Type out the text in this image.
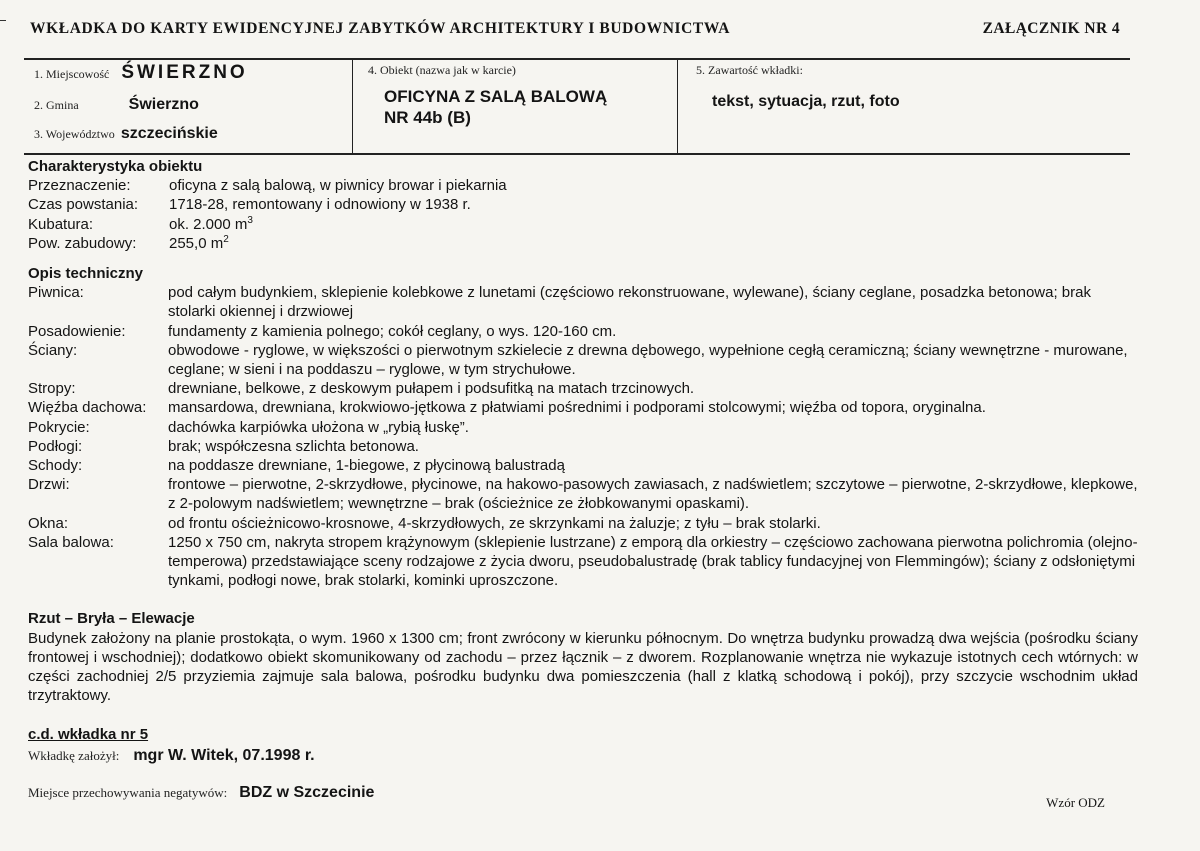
WKŁADKA DO KARTY EWIDENCYJNEJ ZABYTKÓW ARCHITEKTURY I BUDOWNICTWA	ZAŁĄCZNIK NR 4
1. Miejscowość ŚWIERZNO
2. Gmina	Świerzno
3. Województwo szczecińskie
4. Obiekt (nazwa jak w karcie)
OFICYNA Z SALĄ BALOWĄ
NR 44b (B)
5. Zawartość wkładki:
tekst, sytuacja, rzut, foto
Charakterystyka obiektu
Przeznaczenie:	oficyna z salą balową, w piwnicy browar i piekarnia
Czas powstania:	1718-28, remontowany i odnowiony w 1938 r.
Kubatura:	ok. 2.000 $m^3$
Pow. zabudowy:	255,0 $m^2$
Opis techniczny
Piwnica:	pod całym budynkiem, sklepienie kolebkowe z lunetami (częściowo rekonstruowane, wylewane), ściany ceglane, posadzka betonowa; brak stolarki okiennej i drzwiowej
Posadowienie:	fundamenty z kamienia polnego; cokół ceglany, o wys. 120-160 cm.
Ściany:	obwodowe - ryglowe, w większości o pierwotnym szkielecie z drewna dębowego, wypełnione cegłą ceramiczną; ściany wewnętrzne - murowane, ceglane; w sieni i na poddaszu – ryglowe, w tym strychułowe.
Stropy:	drewniane, belkowe, z deskowym pułapem i podsufitką na matach trzcinowych.
Więźba dachowa:	mansardowa, drewniana, krokwiowo-jętkowa z płatwiami pośrednimi i podporami stolcowymi; więźba od topora, oryginalna.
Pokrycie:	dachówka karpiówka ułożona w „rybią łuskę”.
Podłogi:	brak; współczesna szlichta betonowa.
Schody:	na poddasze drewniane, 1-biegowe, z płycinową balustradą
Drzwi:	frontowe – pierwotne, 2-skrzydłowe, płycinowe, na hakowo-pasowych zawiasach, z nadświetlem; szczytowe – pierwotne, 2-skrzydłowe, klepkowe, z 2-polowym nadświetlem; wewnętrzne – brak (ościeżnice ze żłobkowanymi opaskami).
Okna:	od frontu ościeżnicowo-krosnowe, 4-skrzydłowych, ze skrzynkami na żaluzje; z tyłu – brak stolarki.
Sala balowa:	1250 x 750 cm, nakryta stropem krążynowym (sklepienie lustrzane) z emporą dla orkiestry – częściowo zachowana pierwotna polichromia (olejno-temperowa) przedstawiające sceny rodzajowe z życia dworu, pseudobalustradę (brak tablicy fundacyjnej von Flemmingów); ściany z odsłoniętymi tynkami, podłogi nowe, brak stolarki, kominki uproszczone.
Rzut – Bryła – Elewacje
Budynek założony na planie prostokąta, o wym. 1960 x 1300 cm; front zwrócony w kierunku północnym. Do wnętrza budynku prowadzą dwa wejścia (pośrodku ściany frontowej i wschodniej); dodatkowo obiekt skomunikowany od zachodu – przez łącznik – z dworem. Rozplanowanie wnętrza nie wykazuje istotnych cech wtórnych: w części zachodniej 2/5 przyziemia zajmuje sala balowa, pośrodku budynku dwa pomieszczenia (hall z klatką schodową i pokój), przy szczycie wschodnim układ trzytraktowy.
c.d. wkładka nr 5
Wkładkę założył: mgr W. Witek, 07.1998 r.
Miejsce przechowywania negatywów: BDZ w Szczecinie
Wzór ODZ
